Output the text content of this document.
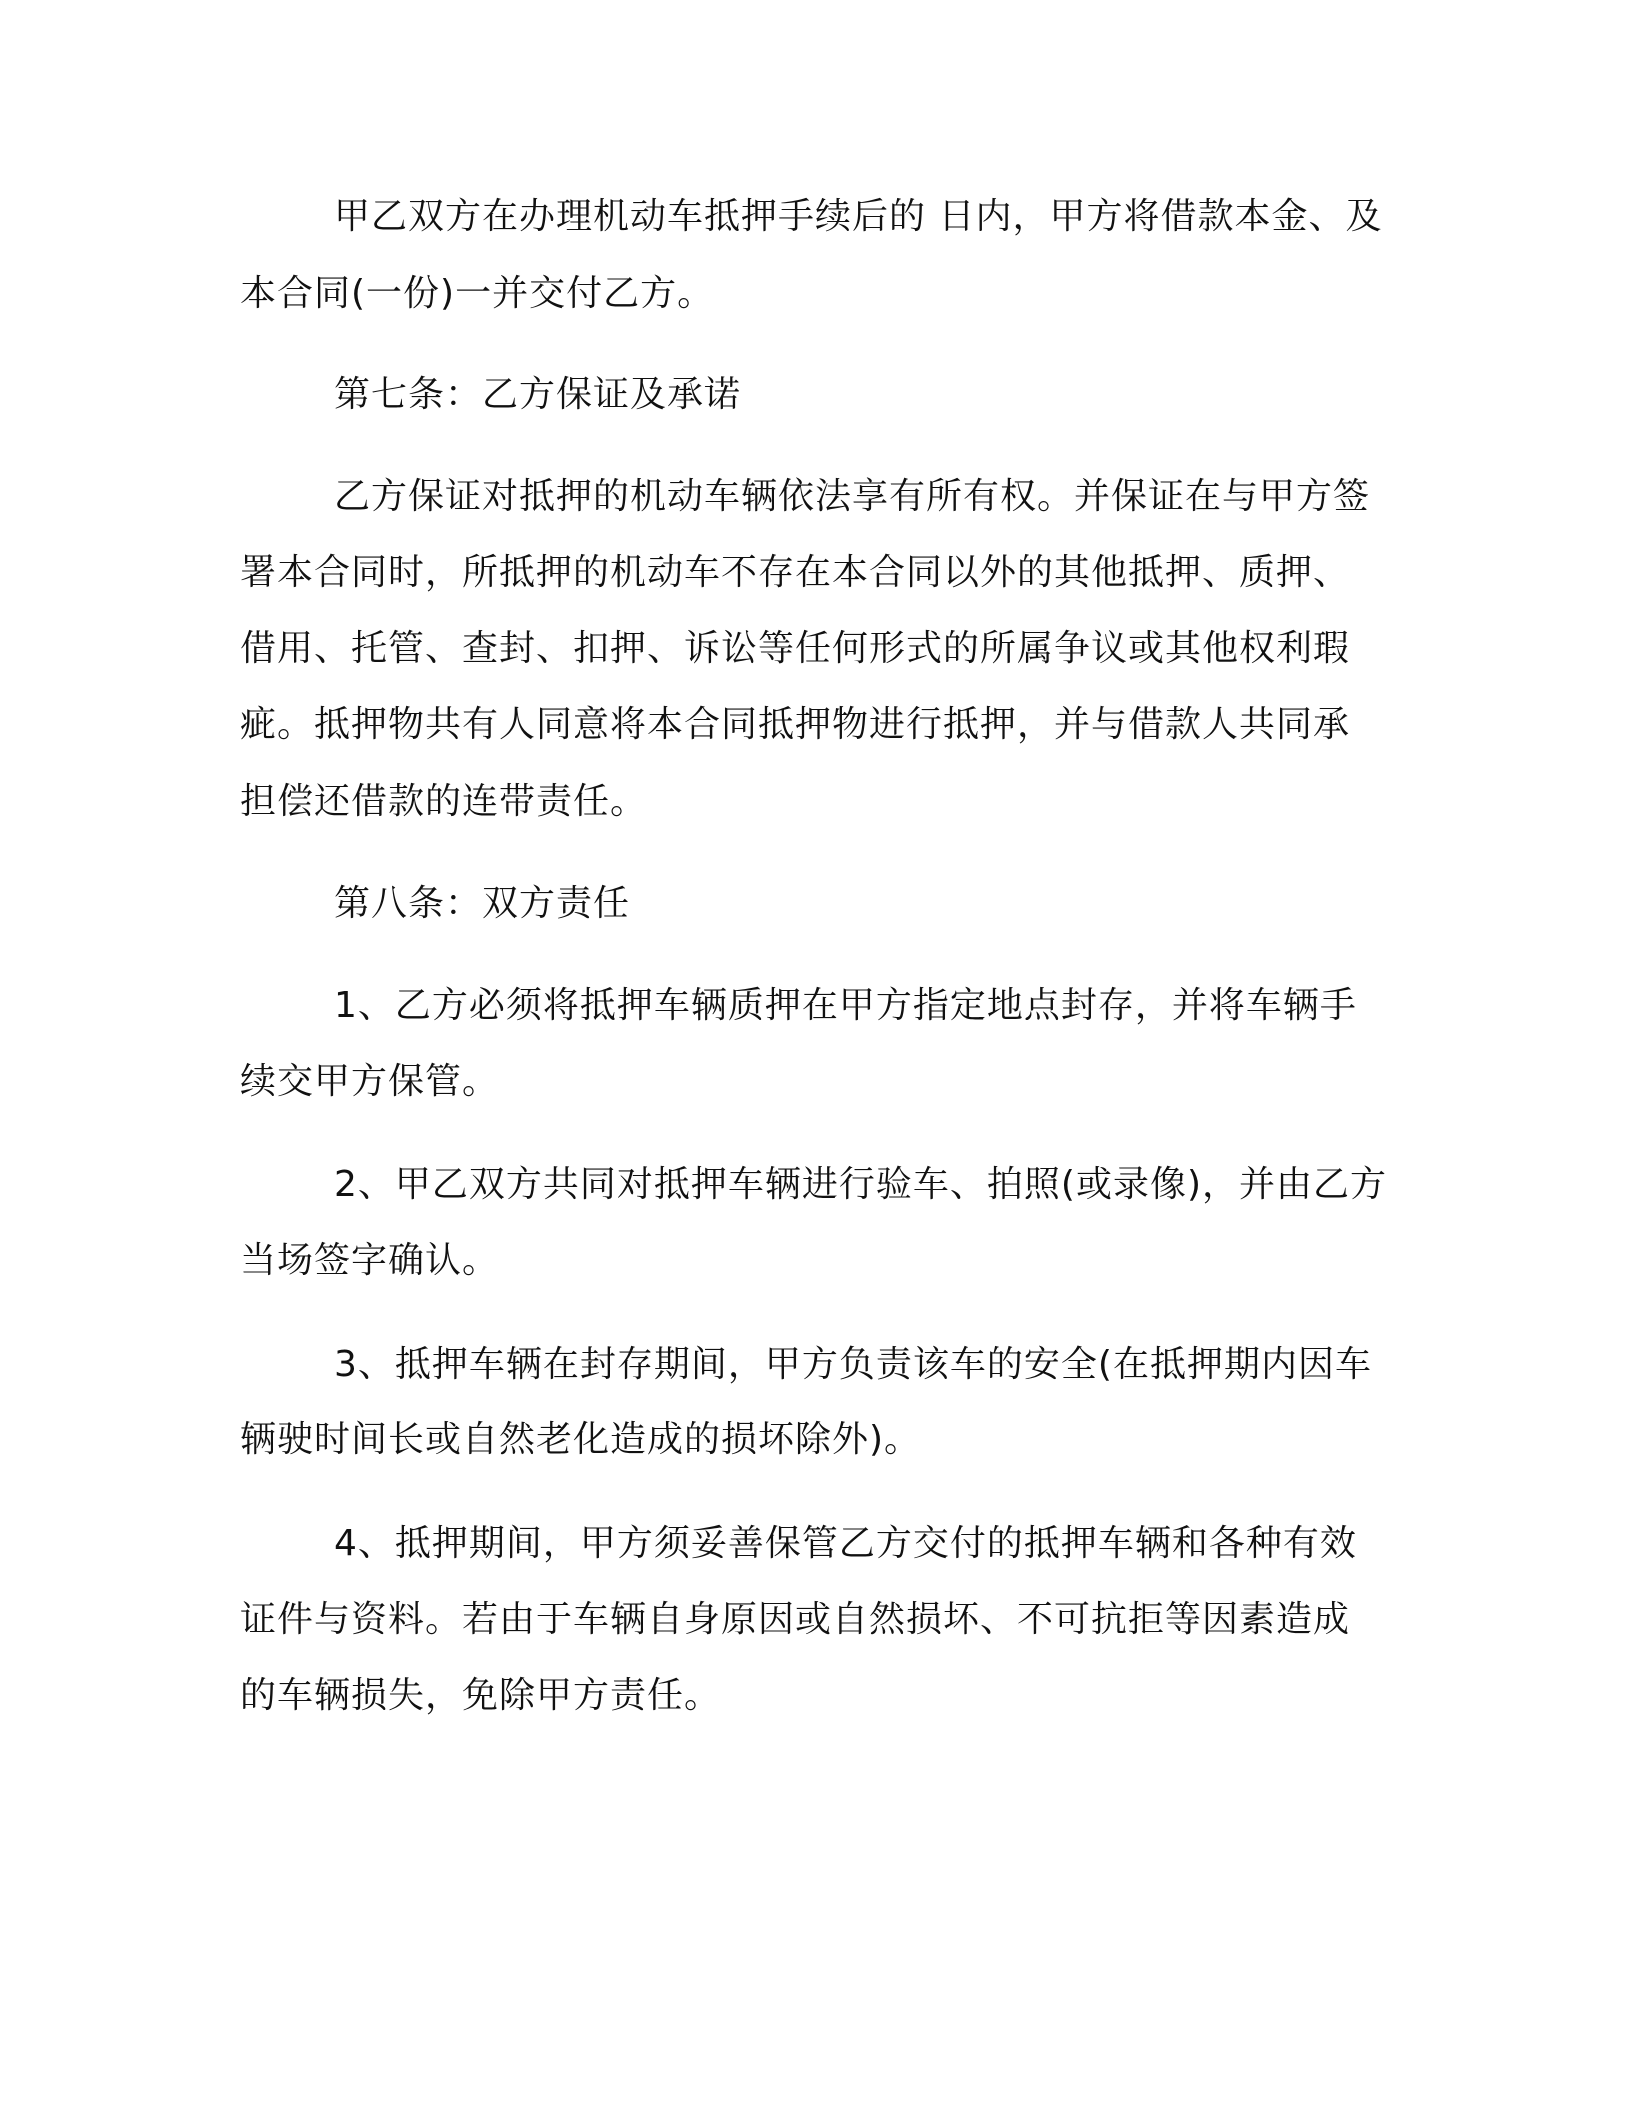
甲乙双方在办理机动车抵押手续后的 日内，甲方将借款本金、及
本合同(一份)一并交付乙方。
第七条：乙方保证及承诺
乙方保证对抵押的机动车辆依法享有所有权。并保证在与甲方签
署本合同时，所抵押的机动车不存在本合同以外的其他抵押、质押、
借用、托管、查封、扣押、诉讼等任何形式的所属争议或其他权利瑕
疵。抵押物共有人同意将本合同抵押物进行抵押，并与借款人共同承
担偿还借款的连带责任。
第八条：双方责任
1、乙方必须将抵押车辆质押在甲方指定地点封存，并将车辆手
续交甲方保管。
2、甲乙双方共同对抵押车辆进行验车、拍照(或录像)，并由乙方
当场签字确认。
3、抵押车辆在封存期间，甲方负责该车的安全(在抵押期内因车
辆驶时间长或自然老化造成的损坏除外)。
4、抵押期间，甲方须妥善保管乙方交付的抵押车辆和各种有效
证件与资料。若由于车辆自身原因或自然损坏、不可抗拒等因素造成
的车辆损失，免除甲方责任。
